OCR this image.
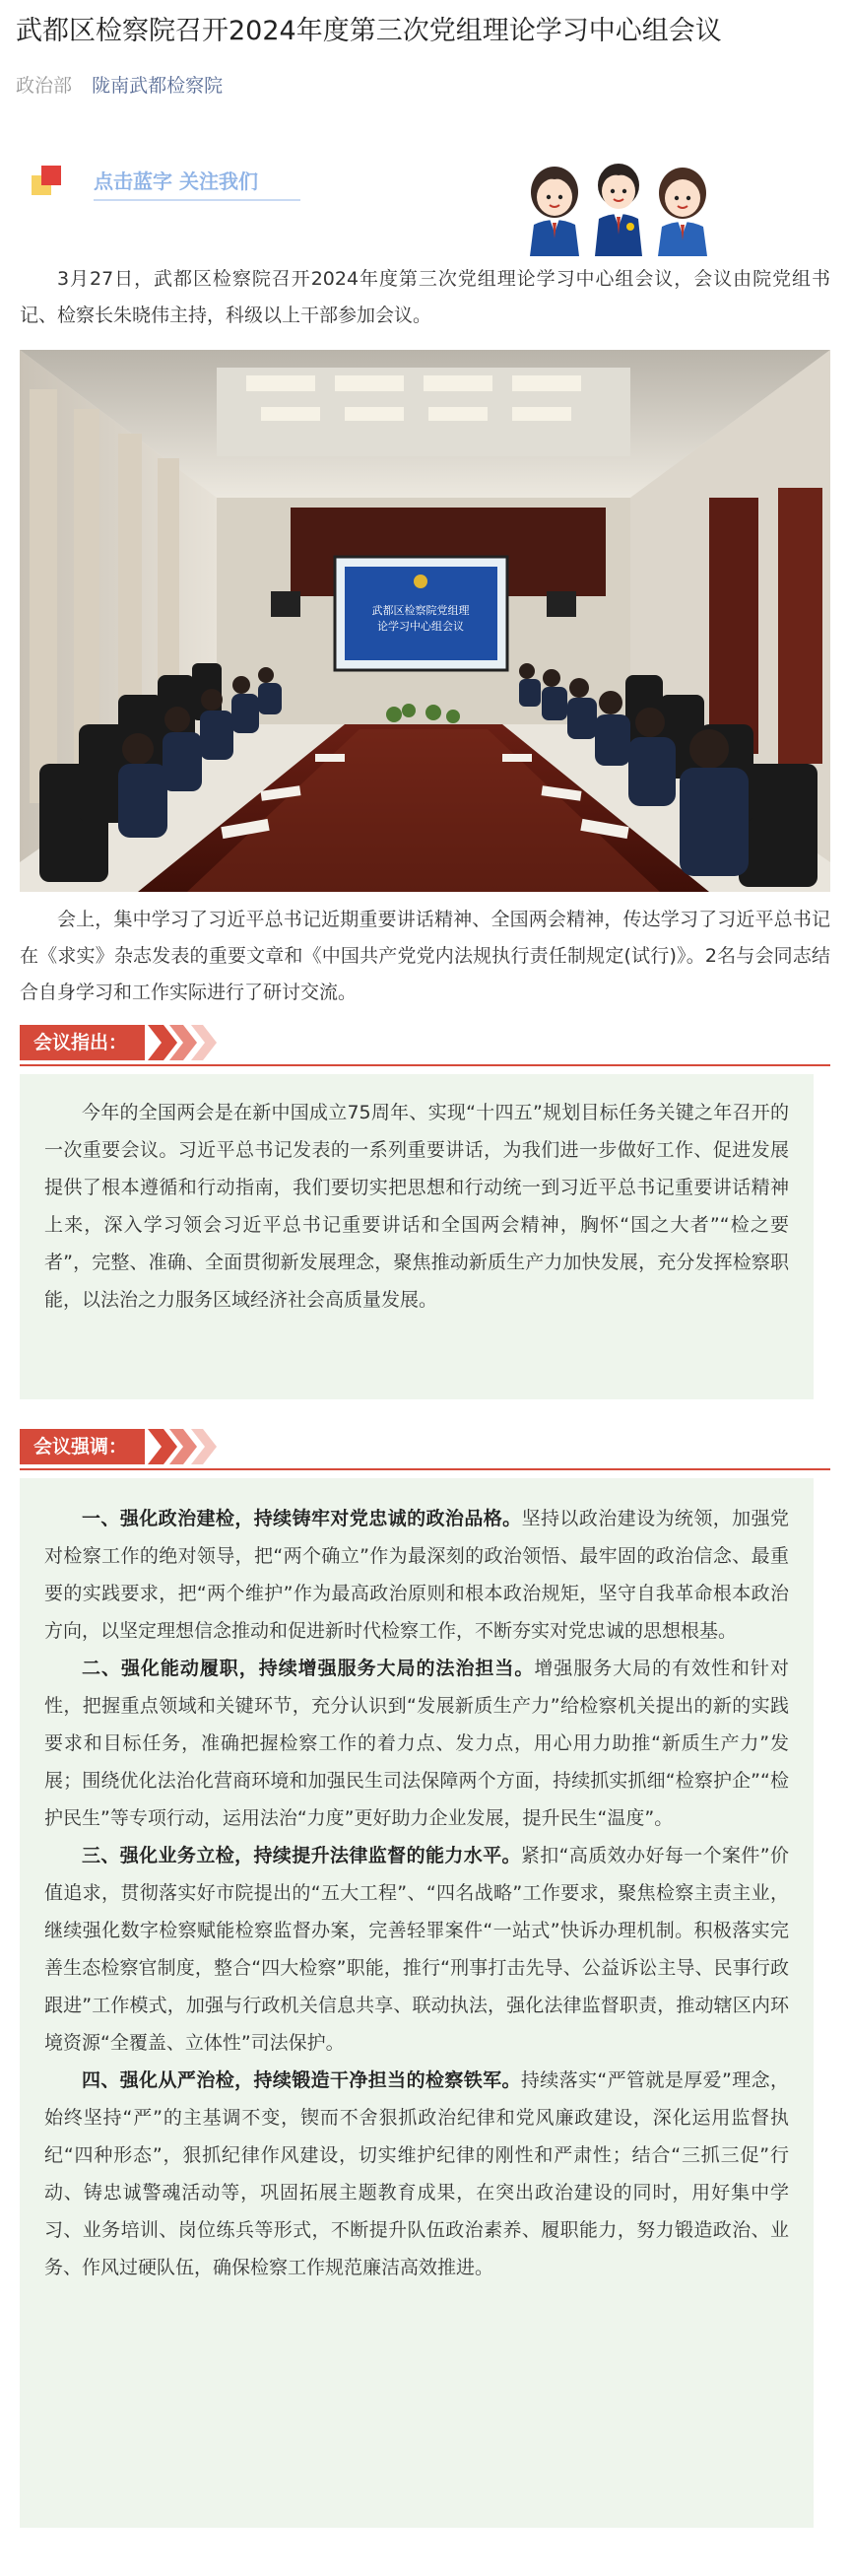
武都区检察院召开2024年度第三次党组理论学习中心组会议
政治部 陇南武都检察院
点击蓝字 关注我们

3月27日，武都区检察院召开2024年度第三次党组理论学习中心组会议，会议由院党组书记、检察长朱晓伟主持，科级以上干部参加会议。

武都区检察院党组理
论学习中心组会议

会上，集中学习了习近平总书记近期重要讲话精神、全国两会精神，传达学习了习近平总书记在《求实》杂志发表的重要文章和《中国共产党党内法规执行责任制规定(试行)》。2名与会同志结合自身学习和工作实际进行了研讨交流。

会议指出：

今年的全国两会是在新中国成立75周年、实现“十四五”规划目标任务关键之年召开的一次重要会议。习近平总书记发表的一系列重要讲话，为我们进一步做好工作、促进发展提供了根本遵循和行动指南，我们要切实把思想和行动统一到习近平总书记重要讲话精神上来，深入学习领会习近平总书记重要讲话和全国两会精神，胸怀“国之大者”“检之要者”，完整、准确、全面贯彻新发展理念，聚焦推动新质生产力加快发展，充分发挥检察职能，以法治之力服务区域经济社会高质量发展。

会议强调：

一、强化政治建检，持续铸牢对党忠诚的政治品格。坚持以政治建设为统领，加强党对检察工作的绝对领导，把“两个确立”作为最深刻的政治领悟、最牢固的政治信念、最重要的实践要求，把“两个维护”作为最高政治原则和根本政治规矩，坚守自我革命根本政治方向，以坚定理想信念推动和促进新时代检察工作，不断夯实对党忠诚的思想根基。

二、强化能动履职，持续增强服务大局的法治担当。增强服务大局的有效性和针对性，把握重点领域和关键环节，充分认识到“发展新质生产力”给检察机关提出的新的实践要求和目标任务，准确把握检察工作的着力点、发力点，用心用力助推“新质生产力”发展；围绕优化法治化营商环境和加强民生司法保障两个方面，持续抓实抓细“检察护企”“检护民生”等专项行动，运用法治“力度”更好助力企业发展，提升民生“温度”。

三、强化业务立检，持续提升法律监督的能力水平。紧扣“高质效办好每一个案件”价值追求，贯彻落实好市院提出的“五大工程”、“四名战略”工作要求，聚焦检察主责主业，继续强化数字检察赋能检察监督办案，完善轻罪案件“一站式”快诉办理机制。积极落实完善生态检察官制度，整合“四大检察”职能，推行“刑事打击先导、公益诉讼主导、民事行政跟进”工作模式，加强与行政机关信息共享、联动执法，强化法律监督职责，推动辖区内环境资源“全覆盖、立体性”司法保护。

四、强化从严治检，持续锻造干净担当的检察铁军。持续落实“严管就是厚爱”理念，始终坚持“严”的主基调不变，锲而不舍狠抓政治纪律和党风廉政建设，深化运用监督执纪“四种形态”，狠抓纪律作风建设，切实维护纪律的刚性和严肃性；结合“三抓三促”行动、铸忠诚警魂活动等，巩固拓展主题教育成果，在突出政治建设的同时，用好集中学习、业务培训、岗位练兵等形式，不断提升队伍政治素养、履职能力，努力锻造政治、业务、作风过硬队伍，确保检察工作规范廉洁高效推进。
